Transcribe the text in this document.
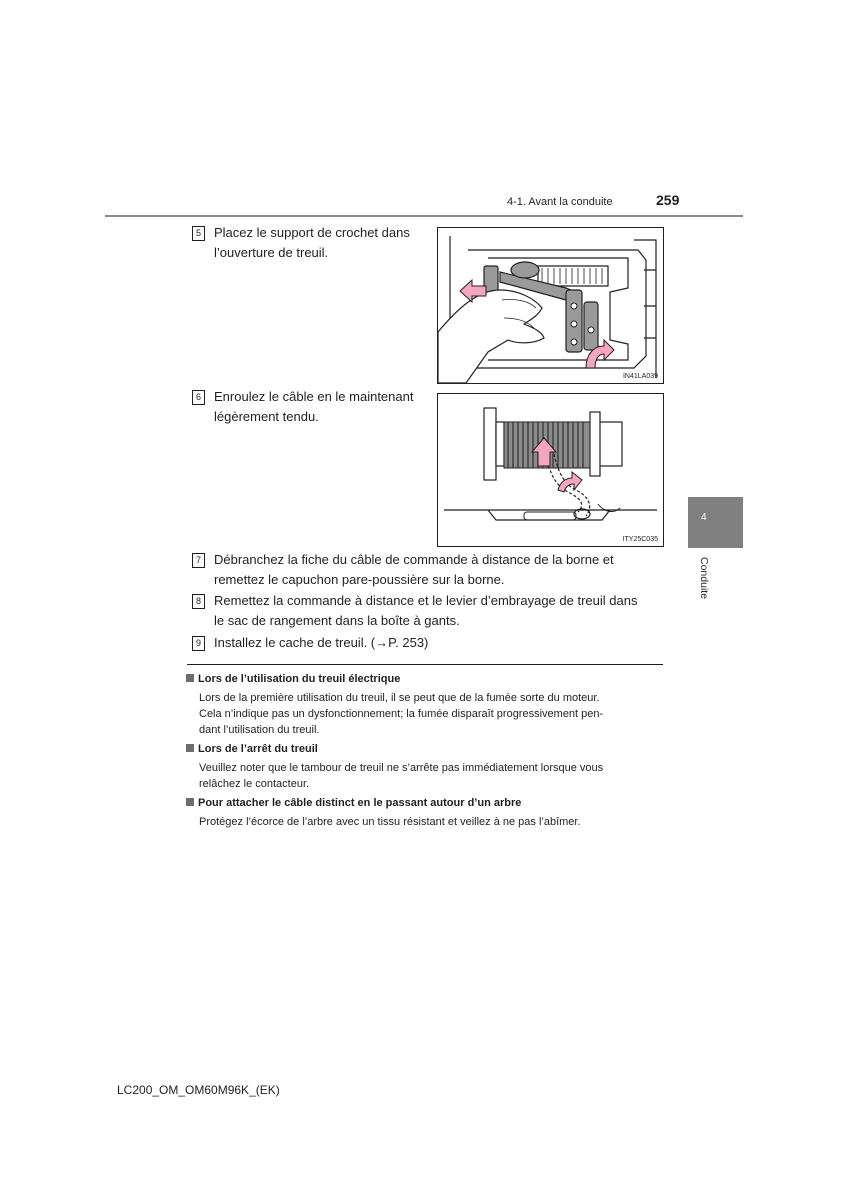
4-1. Avant la conduite	259
4
Conduite
5	Placez le support de crochet dans
l’ouverture de treuil.
IN41LA039
6	Enroulez le câble en le maintenant
légèrement tendu.
ITY25C035
7	Débranchez la fiche du câble de commande à distance de la borne et
remettez le capuchon pare-poussière sur la borne.
8	Remettez la commande à distance et le levier d’embrayage de treuil dans
le sac de rangement dans la boîte à gants.
9	Installez le cache de treuil. (→P. 253)
Lors de l’utilisation du treuil électrique
Lors de la première utilisation du treuil, il se peut que de la fumée sorte du moteur.
Cela n’indique pas un dysfonctionnement; la fumée disparaît progressivement pen-
dant l’utilisation du treuil.
Lors de l’arrêt du treuil
Veuillez noter que le tambour de treuil ne s’arrête pas immédiatement lorsque vous
relâchez le contacteur.
Pour attacher le câble distinct en le passant autour d’un arbre
Protégez l’écorce de l’arbre avec un tissu résistant et veillez à ne pas l’abîmer.
LC200_OM_OM60M96K_(EK)
